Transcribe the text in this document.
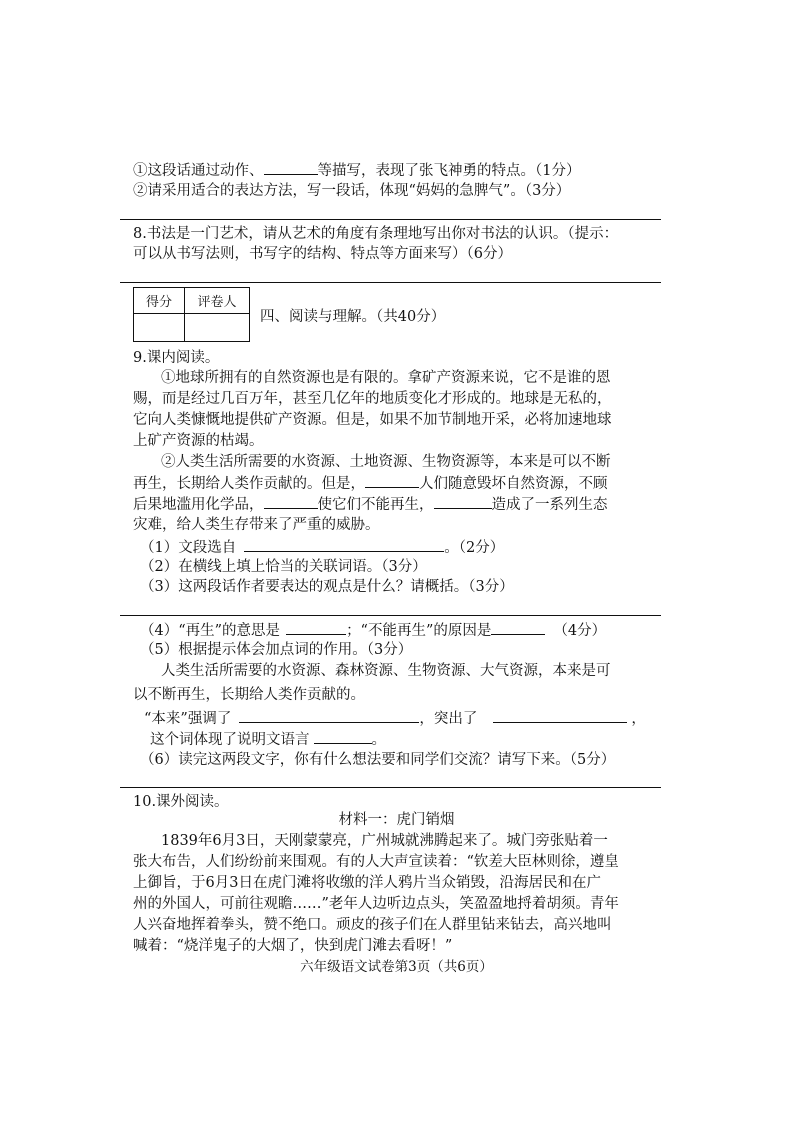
①这段话通过动作、	等描写，表现了张飞神勇的特点。（1分）
②请采用适合的表达方法，写一段话，体现“妈妈的急脾气”。（3分）
8.书法是一门艺术，请从艺术的角度有条理地写出你对书法的认识。（提示：
可以从书写法则，书写字的结构、特点等方面来写）（6分）
得分	评卷人

四、阅读与理解。（共40分）
9.课内阅读。
①地球所拥有的自然资源也是有限的。拿矿产资源来说，它不是谁的恩
赐，而是经过几百万年，甚至几亿年的地质变化才形成的。地球是无私的，
它向人类慷慨地提供矿产资源。但是，如果不加节制地开采，必将加速地球
上矿产资源的枯竭。
②人类生活所需要的水资源、土地资源、生物资源等，本来是可以不断
再生，长期给人类作贡献的。但是，	人们随意毁坏自然资源，不顾
后果地滥用化学品，	使它们不能再生，	造成了一系列生态
灾难，给人类生存带来了严重的威胁。
（1）文段选自	。（2分）
（2）在横线上填上恰当的关联词语。（3分）
（3）这两段话作者要表达的观点是什么？请概括。（3分）
（4）“再生”的意思是	；“不能再生”的原因是	（4分）
（5）根据提示体会加点词的作用。（3分）
人类生活所需要的水资源、森林资源、生物资源、大气资源，本来是可
以不断再生，长期给人类作贡献的。
“本来”强调了	，突出了	，
这个词体现了说明文语言	。
（6）读完这两段文字，你有什么想法要和同学们交流？请写下来。（5分）
10.课外阅读。
材料一：虎门销烟
1839年6月3日，天刚蒙蒙亮，广州城就沸腾起来了。城门旁张贴着一
张大布告，人们纷纷前来围观。有的人大声宣读着：“钦差大臣林则徐，遵皇
上御旨，于6月3日在虎门滩将收缴的洋人鸦片当众销毁，沿海居民和在广
州的外国人，可前往观瞻……”老年人边听边点头，笑盈盈地捋着胡须。青年
人兴奋地挥着拳头，赞不绝口。顽皮的孩子们在人群里钻来钻去，高兴地叫
喊着：“烧洋鬼子的大烟了，快到虎门滩去看呀！”
六年级语文试卷第3页（共6页）
